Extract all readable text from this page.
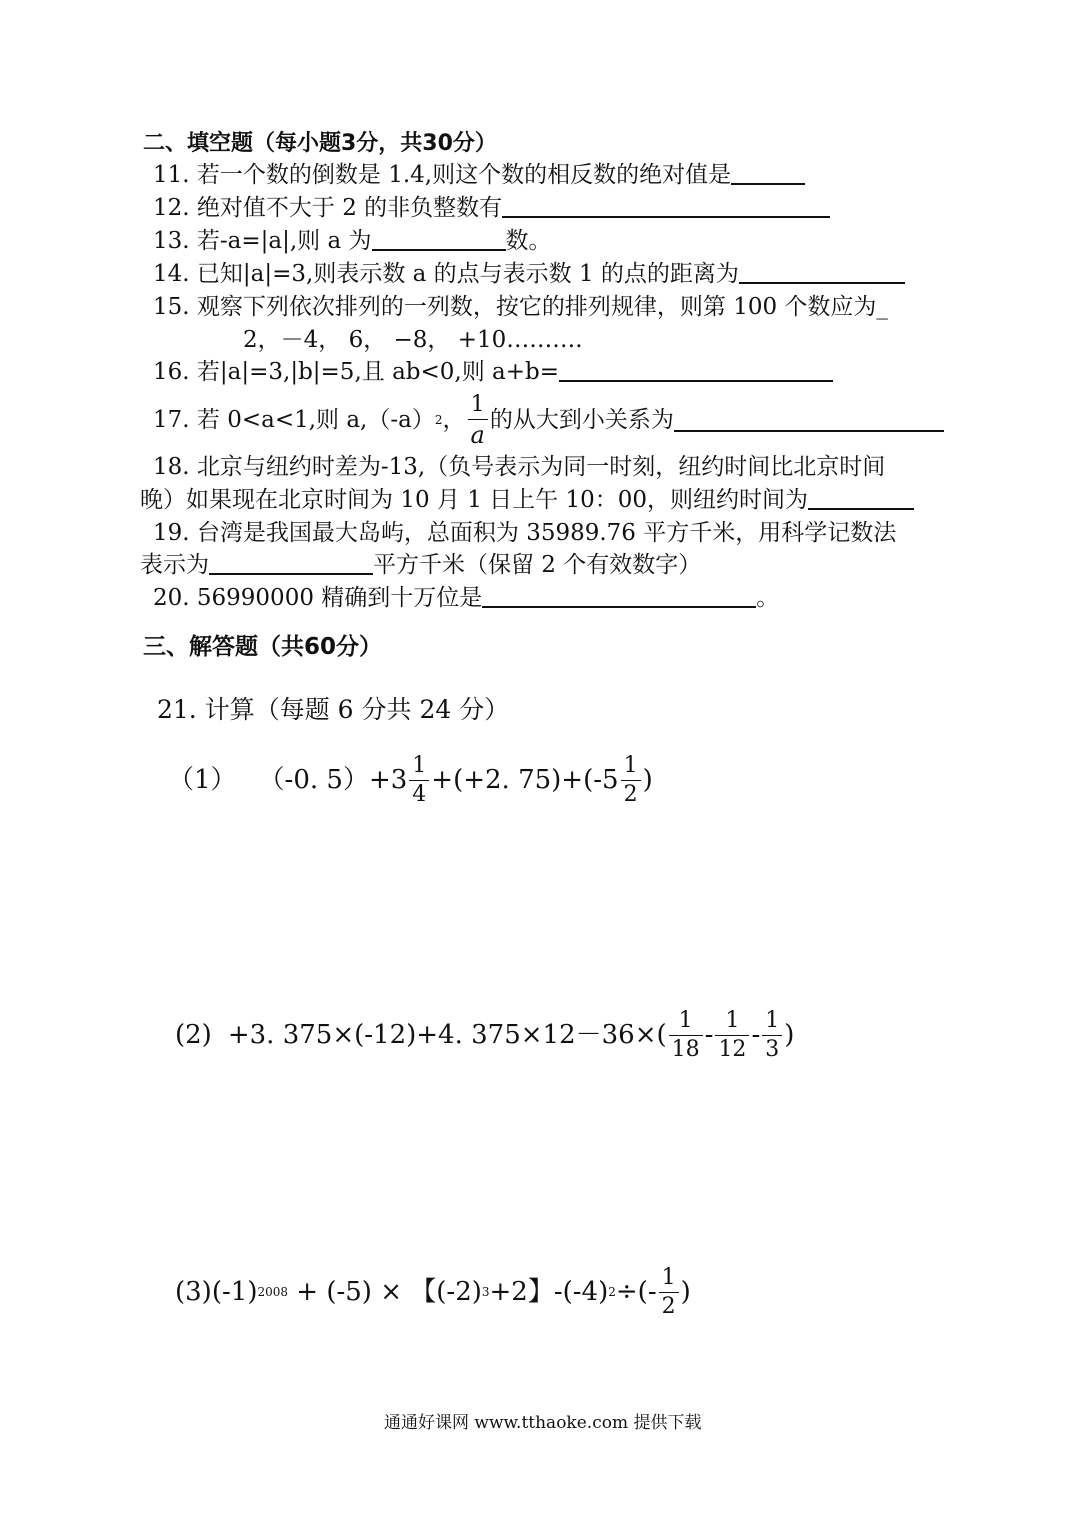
二、填空题（每小题3分，共30分）
11. 若一个数的倒数是 1.4,则这个数的相反数的绝对值是
12. 绝对值不大于 2 的非负整数有
13. 若-a=|a|,则 a 为	数。
14. 已知|a|=3,则表示数 a 的点与表示数 1 的点的距离为
15. 观察下列依次排列的一列数，按它的排列规律，则第 100 个数应为_
2，－4， 6， −8， +10……….
16. 若|a|=3,|b|=5,且 ab<0,则 a+b=
17. 若 0<a<1,则 a,（-a） 2 ， $\frac{1}{a}$ 的从大到小关系为
18. 北京与纽约时差为-13,（负号表示为同一时刻，纽约时间比北京时间
晚）如果现在北京时间为 10 月 1 日上午 10：00，则纽约时间为
19. 台湾是我国最大岛屿，总面积为 35989.76 平方千米，用科学记数法
表示为	平方千米（保留 2 个有效数字）
20. 56990000 精确到十万位是	。
三、解答题（共60分）
21. 计算（每题 6 分共 24 分）
（1） （-0. $5)+3 \frac{1}{4} +(+2$. $75)+(-5 \frac{1}{2}$ )
(2) +3. 375×(-12)+4. $375\times 12-36\times( \frac{1}{18} - \frac{1}{12} - \frac{1}{3}$ )
(3) (-1) 2008 + (-5) × 【(-2) 3 +2】-(-4) 2 ÷(- $\frac{1}{2}$ )
通通好课网 www.tthaoke.com 提供下载
